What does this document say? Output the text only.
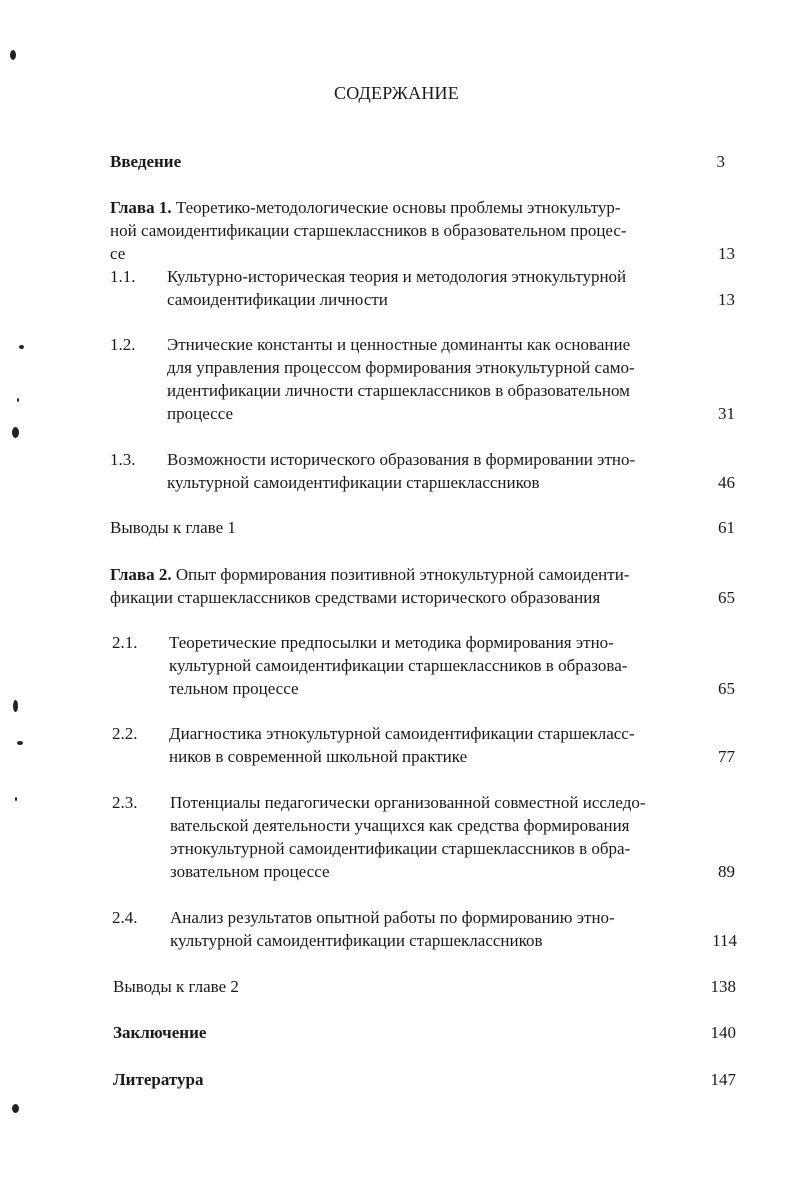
СОДЕРЖАНИЕ
Введение	3
Глава 1. Теоретико-методологические основы проблемы этнокультур-
ной самоидентификации старшеклассников в образовательном процес-
се	13
1.1. Культурно-историческая теория и методология этнокультурной
самоидентификации личности	13
1.2. Этнические константы и ценностные доминанты как основание
для управления процессом формирования этнокультурной само-
идентификации личности старшеклассников в образовательном
процессе	31
1.3. Возможности исторического образования в формировании этно-
культурной самоидентификации старшеклассников	46
Выводы к главе 1	61
Глава 2. Опыт формирования позитивной этнокультурной самоиденти-
фикации старшеклассников средствами исторического образования	65
2.1. Теоретические предпосылки и методика формирования этно-
культурной самоидентификации старшеклассников в образова-
тельном процессе	65
2.2. Диагностика этнокультурной самоидентификации старшекласс-
ников в современной школьной практике	77
2.3. Потенциалы педагогически организованной совместной исследо-
вательской деятельности учащихся как средства формирования
этнокультурной самоидентификации старшеклассников в обра-
зовательном процессе	89
2.4. Анализ результатов опытной работы по формированию этно-
культурной самоидентификации старшеклассников	114
Выводы к главе 2	138
Заключение	140
Литература	147
